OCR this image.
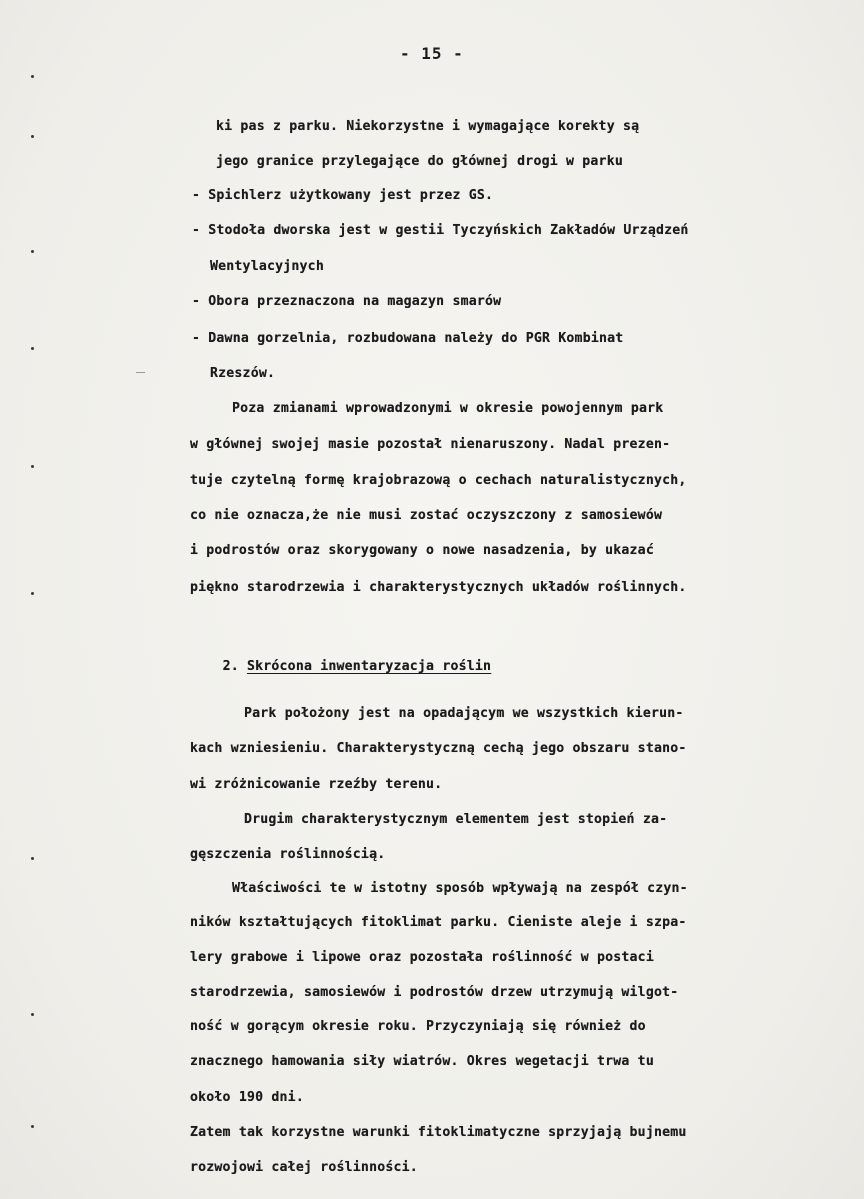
- 15 -
ki pas z parku. Niekorzystne i wymagające korekty są
jego granice przylegające do głównej drogi w parku
- Spichlerz użytkowany jest przez GS.
- Stodoła dworska jest w gestii Tyczyńskich Zakładów Urządzeń
Wentylacyjnych
- Obora przeznaczona na magazyn smarów
- Dawna gorzelnia, rozbudowana należy do PGR Kombinat
Rzeszów.
Poza zmianami wprowadzonymi w okresie powojennym park
w głównej swojej masie pozostał nienaruszony. Nadal prezen-
tuje czytelną formę krajobrazową o cechach naturalistycznych,
co nie oznacza,że nie musi zostać oczyszczony z samosiewów
i podrostów oraz skorygowany o nowe nasadzenia, by ukazać
piękno starodrzewia i charakterystycznych układów roślinnych.

2. Skrócona inwentaryzacja roślin

Park położony jest na opadającym we wszystkich kierun-
kach wzniesieniu. Charakterystyczną cechą jego obszaru stano-
wi zróżnicowanie rzeźby terenu.
Drugim charakterystycznym elementem jest stopień za-
gęszczenia roślinnością.
Właściwości te w istotny sposób wpływają na zespół czyn-
ników kształtujących fitoklimat parku. Cieniste aleje i szpa-
lery grabowe i lipowe oraz pozostała roślinność w postaci
starodrzewia, samosiewów i podrostów drzew utrzymują wilgot-
ność w gorącym okresie roku. Przyczyniają się również do
znacznego hamowania siły wiatrów. Okres wegetacji trwa tu
około 190 dni.
Zatem tak korzystne warunki fitoklimatyczne sprzyjają bujnemu
rozwojowi całej roślinności.
